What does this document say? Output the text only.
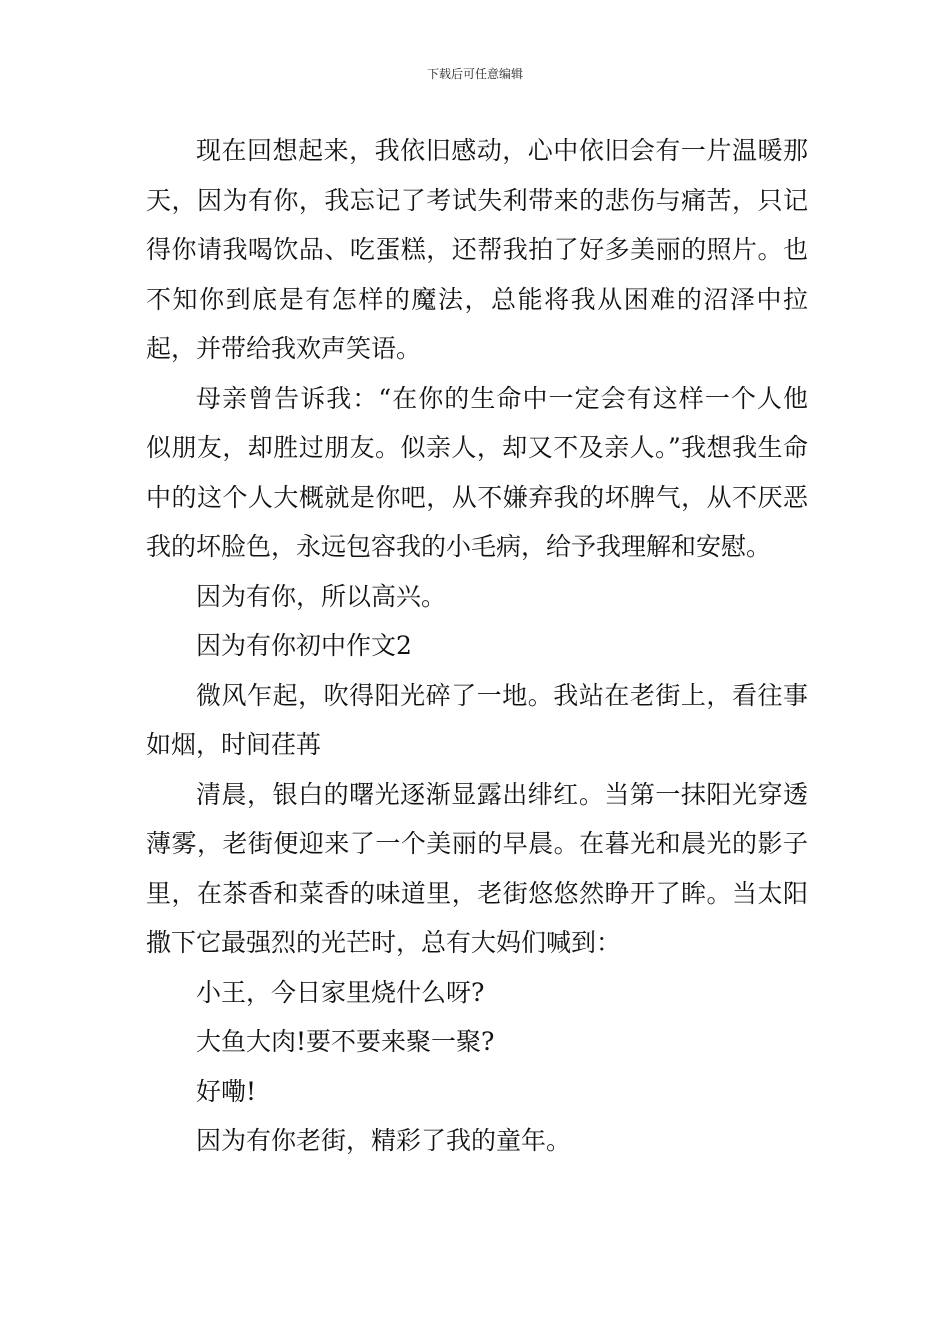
下载后可任意编辑

现在回想起来，我依旧感动，心中依旧会有一片温暖那天，因为有你，我忘记了考试失利带来的悲伤与痛苦，只记得你请我喝饮品、吃蛋糕，还帮我拍了好多美丽的照片。也不知你到底是有怎样的魔法，总能将我从困难的沼泽中拉起，并带给我欢声笑语。

母亲曾告诉我：“在你的生命中一定会有这样一个人他似朋友，却胜过朋友。似亲人，却又不及亲人。”我想我生命中的这个人大概就是你吧，从不嫌弃我的坏脾气，从不厌恶我的坏脸色，永远包容我的小毛病，给予我理解和安慰。

因为有你，所以高兴。

因为有你初中作文2

微风乍起，吹得阳光碎了一地。我站在老街上，看往事如烟，时间荏苒

清晨，银白的曙光逐渐显露出绯红。当第一抹阳光穿透薄雾，老街便迎来了一个美丽的早晨。在暮光和晨光的影子里，在茶香和菜香的味道里，老街悠悠然睁开了眸。当太阳撒下它最强烈的光芒时，总有大妈们喊到：

小王，今日家里烧什么呀?

大鱼大肉!要不要来聚一聚?

好嘞!

因为有你老街，精彩了我的童年。
